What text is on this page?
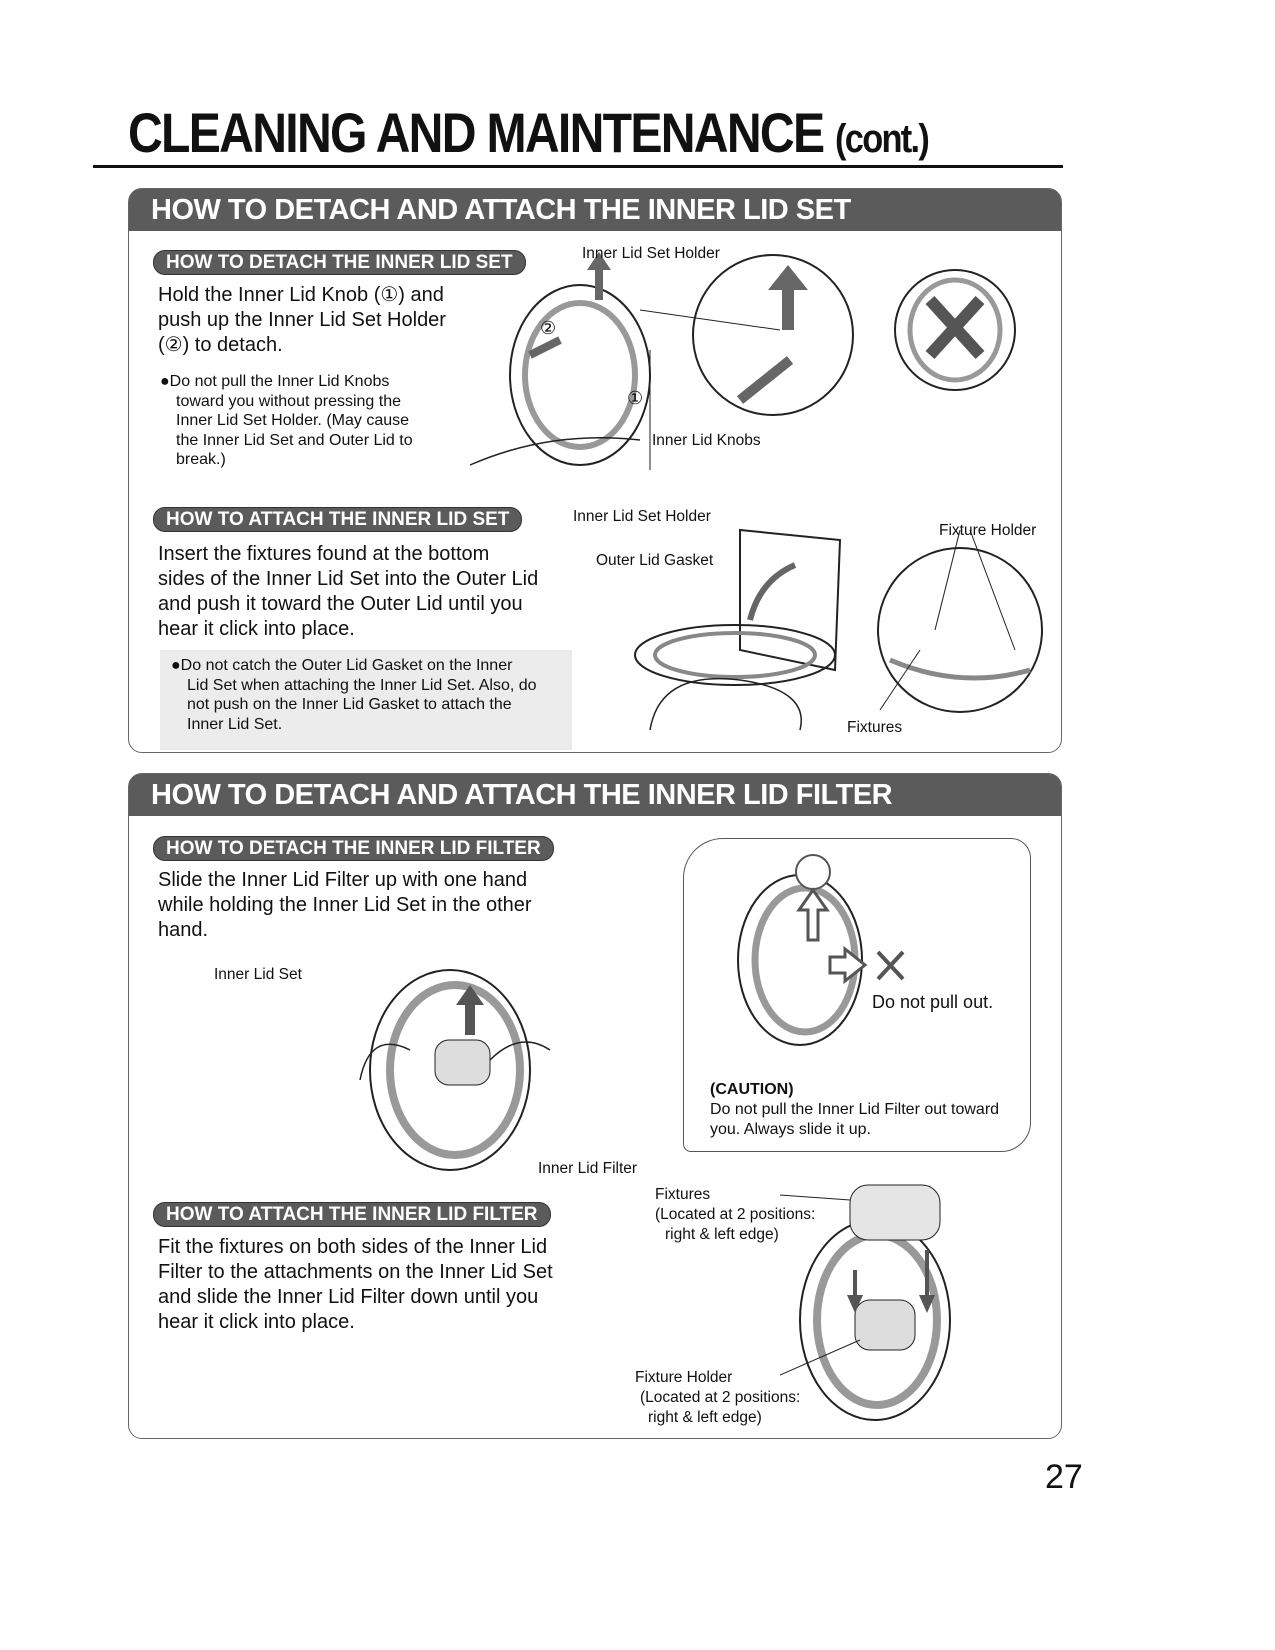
CLEANING AND MAINTENANCE (cont.)
HOW TO DETACH AND ATTACH THE INNER LID SET
HOW TO DETACH THE INNER LID SET
Hold the Inner Lid Knob (①) and
push up the Inner Lid Set Holder
(②) to detach.
●Do not pull the Inner Lid Knobs
toward you without pressing the
Inner Lid Set Holder. (May cause
the Inner Lid Set and Outer Lid to
break.)
Inner Lid Set Holder
Inner Lid Knobs
②
①
HOW TO ATTACH THE INNER LID SET
Insert the fixtures found at the bottom
sides of the Inner Lid Set into the Outer Lid
and push it toward the Outer Lid until you
hear it click into place.
●Do not catch the Outer Lid Gasket on the Inner
Lid Set when attaching the Inner Lid Set. Also, do
not push on the Inner Lid Gasket to attach the
Inner Lid Set.
Inner Lid Set Holder
Outer Lid Gasket
Fixture Holder
Fixtures
HOW TO DETACH AND ATTACH THE INNER LID FILTER
HOW TO DETACH THE INNER LID FILTER
Slide the Inner Lid Filter up with one hand
while holding the Inner Lid Set in the other
hand.
Inner Lid Set
Inner Lid Filter
Do not pull out.
(CAUTION)
Do not pull the Inner Lid Filter out toward
you. Always slide it up.
HOW TO ATTACH THE INNER LID FILTER
Fit the fixtures on both sides of the Inner Lid
Filter to the attachments on the Inner Lid Set
and slide the Inner Lid Filter down until you
hear it click into place.
Fixtures
(Located at 2 positions:
right & left edge)
Fixture Holder
(Located at 2 positions:
right & left edge)
27
